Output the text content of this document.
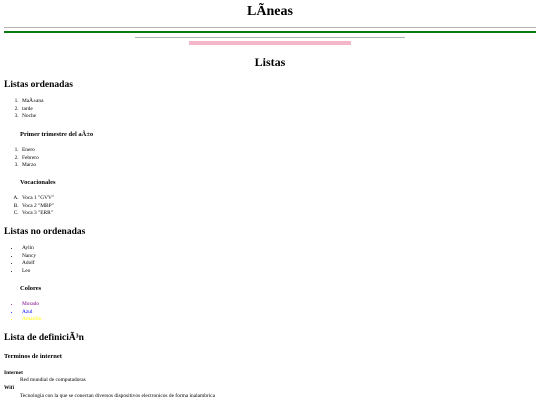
LÃneas
Listas
Listas ordenadas
1. MaÃ±ana
2. tarde
3. Noche
Primer trimestre del aÃ±o
1. Enero
2. Febrero
3. Marzo
Vocacionales
A. Voca 1 "GVV"
B. Voca 2 "MBP"
C. Voca 3 "ERR"
Listas no ordenadas
• Aylin
• Nancy
• Adolf
• Leo
Colores
• Morado
• Azul
• Amarillo
Lista de definiciÃ³n
Terminos de internet
Internet
Red mundial de computadoras
Wifi
Tecnologia con la que se conectan diversos dispositivos electronicos de forma inalambrica
